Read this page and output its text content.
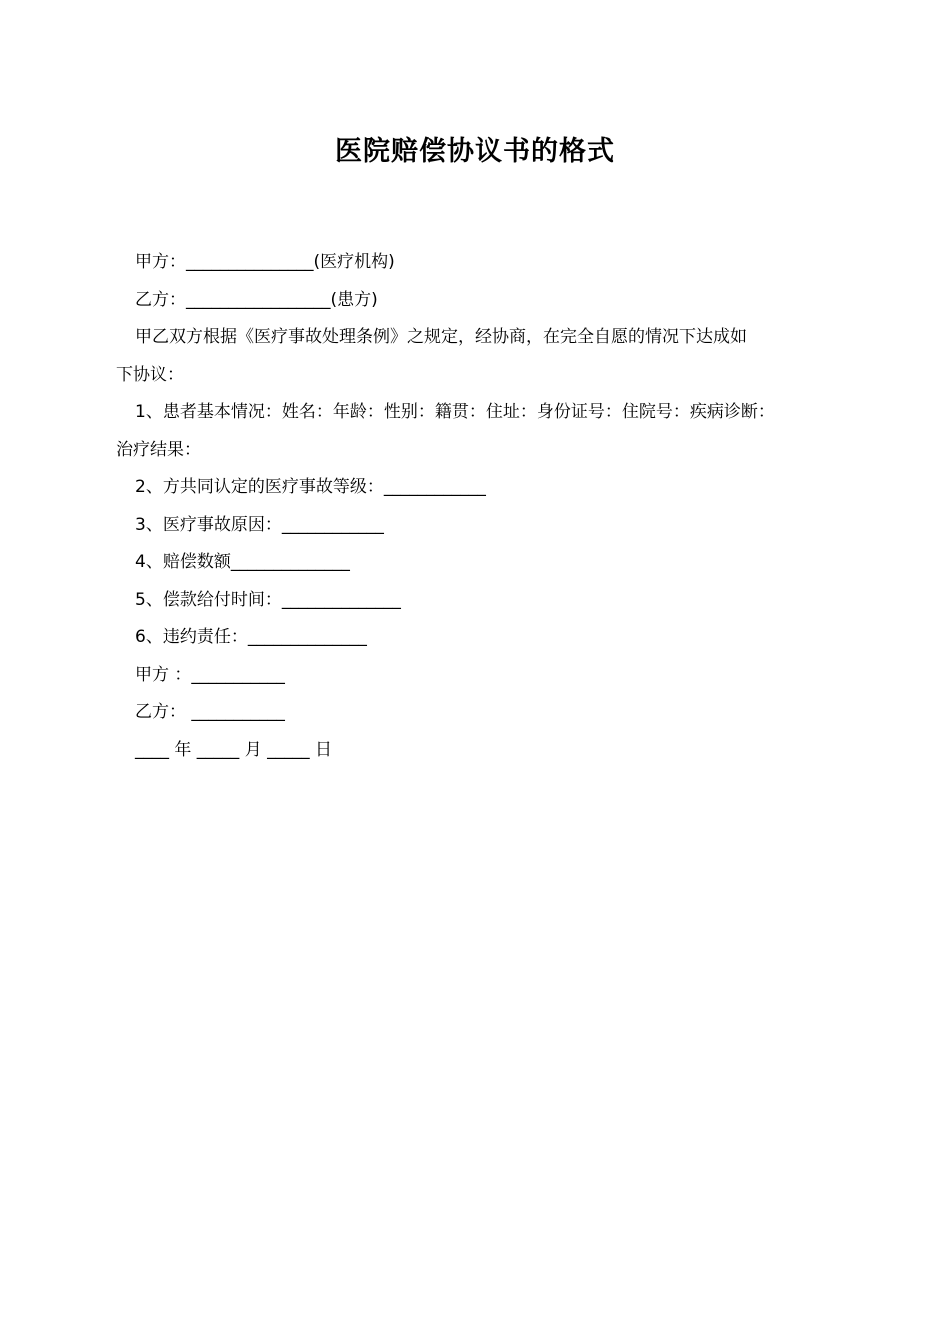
医院赔偿协议书的格式
甲方：_______________(医疗机构)
乙方：_________________(患方)
甲乙双方根据《医疗事故处理条例》之规定，经协商，在完全自愿的情况下达成如
下协议：
1、患者基本情况：姓名：年龄：性别：籍贯：住址：身份证号：住院号：疾病诊断：
治疗结果：
2、方共同认定的医疗事故等级：____________
3、医疗事故原因：____________
4、赔偿数额______________
5、偿款给付时间：______________
6、违约责任：______________
甲方 ：___________
乙方： ___________
____ 年 _____ 月 _____ 日
